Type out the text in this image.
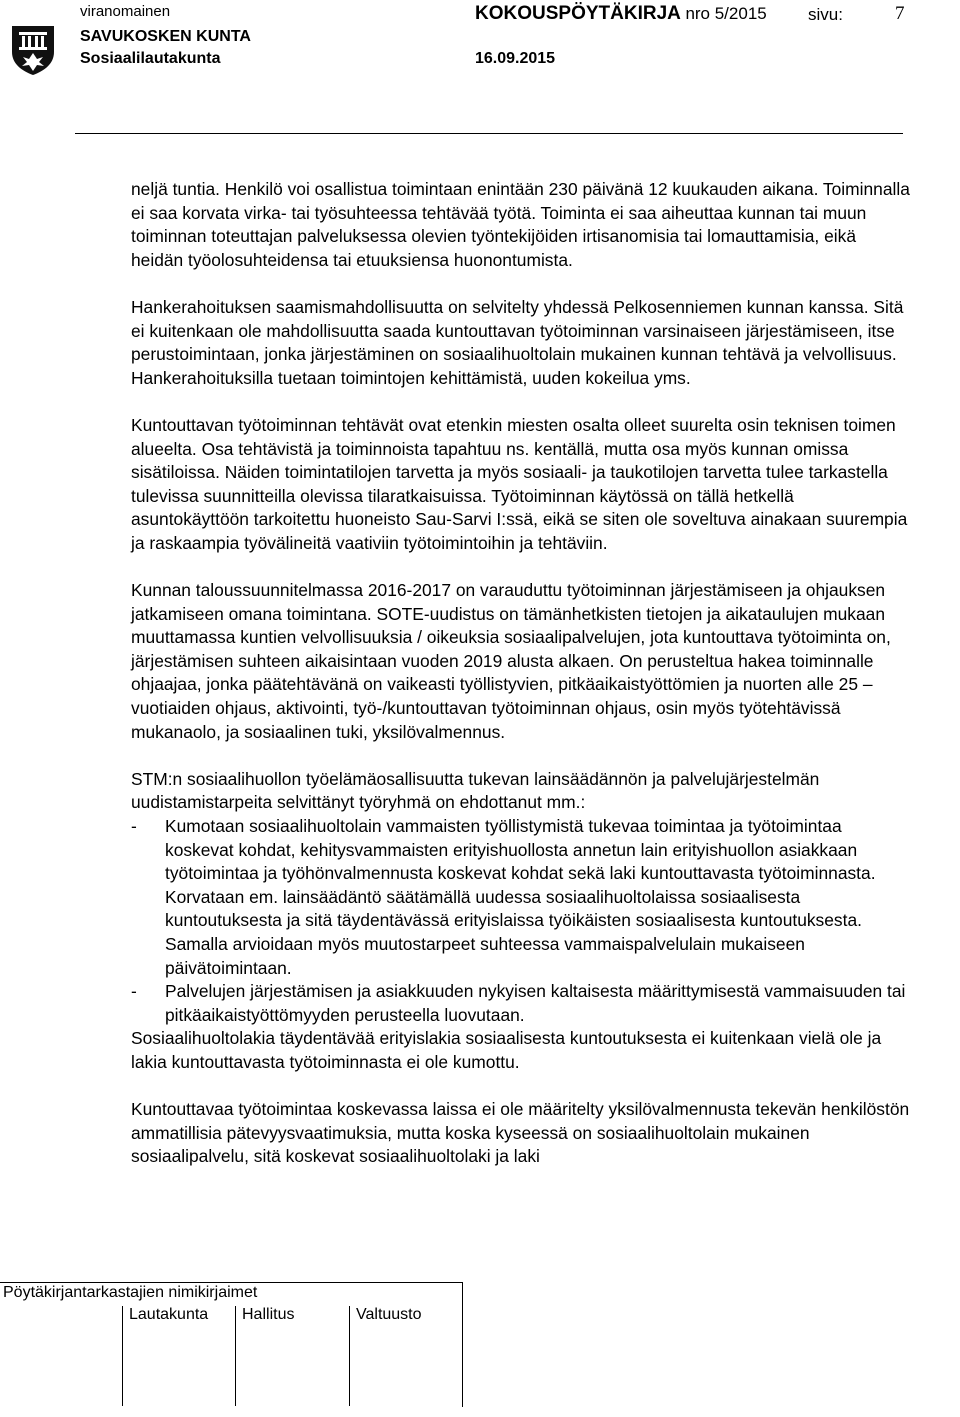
viranomainen	KOKOUSPÖYTÄKIRJA nro 5/2015 sivu:	7
SAVUKOSKEN KUNTA
Sosiaalilautakunta	16.09.2015

neljä tuntia. Henkilö voi osallistua toimintaan enintään 230 päivänä 12 kuukauden aikana. Toiminnalla ei saa korvata virka- tai työsuhteessa tehtävää työtä. Toiminta ei saa aiheuttaa kunnan tai muun toiminnan toteuttajan palveluksessa olevien työntekijöiden irtisanomisia tai lomauttamisia, eikä heidän työolosuhteidensa tai etuuksiensa huonontumista.

Hankerahoituksen saamismahdollisuutta on selvitelty yhdessä Pelkosenniemen kunnan kanssa. Sitä ei kuitenkaan ole mahdollisuutta saada kuntouttavan työtoiminnan varsinaiseen järjestämiseen, itse perustoimintaan, jonka järjestäminen on sosiaalihuoltolain mukainen kunnan tehtävä ja velvollisuus. Hankerahoituksilla tuetaan toimintojen kehittämistä, uuden kokeilua yms.

Kuntouttavan työtoiminnan tehtävät ovat etenkin miesten osalta olleet suurelta osin teknisen toimen alueelta. Osa tehtävistä ja toiminnoista tapahtuu ns. kentällä, mutta osa myös kunnan omissa sisätiloissa. Näiden toimintatilojen tarvetta ja myös sosiaali- ja taukotilojen tarvetta tulee tarkastella tulevissa suunnitteilla olevissa tilaratkaisuissa. Työtoiminnan käytössä on tällä hetkellä asuntokäyttöön tarkoitettu huoneisto Sau-Sarvi I:ssä, eikä se siten ole soveltuva ainakaan suurempia ja raskaampia työvälineitä vaativiin työtoimintoihin ja tehtäviin.

Kunnan taloussuunnitelmassa 2016-2017 on varauduttu työtoiminnan järjestämiseen ja ohjauksen jatkamiseen omana toimintana. SOTE-uudistus on tämänhetkisten tietojen ja aikataulujen mukaan muuttamassa kuntien velvollisuuksia / oikeuksia sosiaalipalvelujen, jota kuntouttava työtoiminta on, järjestämisen suhteen aikaisintaan vuoden 2019 alusta alkaen. On perusteltua hakea toiminnalle ohjaajaa, jonka päätehtävänä on vaikeasti työllistyvien, pitkäaikaistyöttömien ja nuorten alle 25 –vuotiaiden ohjaus, aktivointi, työ-/kuntouttavan työtoiminnan ohjaus, osin myös työtehtävissä mukanaolo, ja sosiaalinen tuki, yksilövalmennus.

STM:n sosiaalihuollon työelämäosallisuutta tukevan lainsäädännön ja palvelujärjestelmän uudistamistarpeita selvittänyt työryhmä on ehdottanut mm.:

- Kumotaan sosiaalihuoltolain vammaisten työllistymistä tukevaa toimintaa ja työtoimintaa koskevat kohdat, kehitysvammaisten erityishuollosta annetun lain erityishuollon asiakkaan työtoimintaa ja työhönvalmennusta koskevat kohdat sekä laki kuntouttavasta työtoiminnasta. Korvataan em. lainsäädäntö säätämällä uudessa sosiaalihuoltolaissa sosiaalisesta kuntoutuksesta ja sitä täydentävässä erityislaissa työikäisten sosiaalisesta kuntoutuksesta. Samalla arvioidaan myös muutostarpeet suhteessa vammaispalvelulain mukaiseen päivätoimintaan.
- Palvelujen järjestämisen ja asiakkuuden nykyisen kaltaisesta määrittymisestä vammaisuuden tai pitkäaikaistyöttömyyden perusteella luovutaan.

Sosiaalihuoltolakia täydentävää erityislakia sosiaalisesta kuntoutuksesta ei kuitenkaan vielä ole ja lakia kuntouttavasta työtoiminnasta ei ole kumottu.

Kuntouttavaa työtoimintaa koskevassa laissa ei ole määritelty yksilövalmennusta tekevän henkilöstön ammatillisia pätevyysvaatimuksia, mutta koska kyseessä on sosiaalihuoltolain mukainen sosiaalipalvelu, sitä koskevat sosiaalihuoltolaki ja laki

Pöytäkirjantarkastajien nimikirjaimet
Lautakunta Hallitus	Valtuusto
